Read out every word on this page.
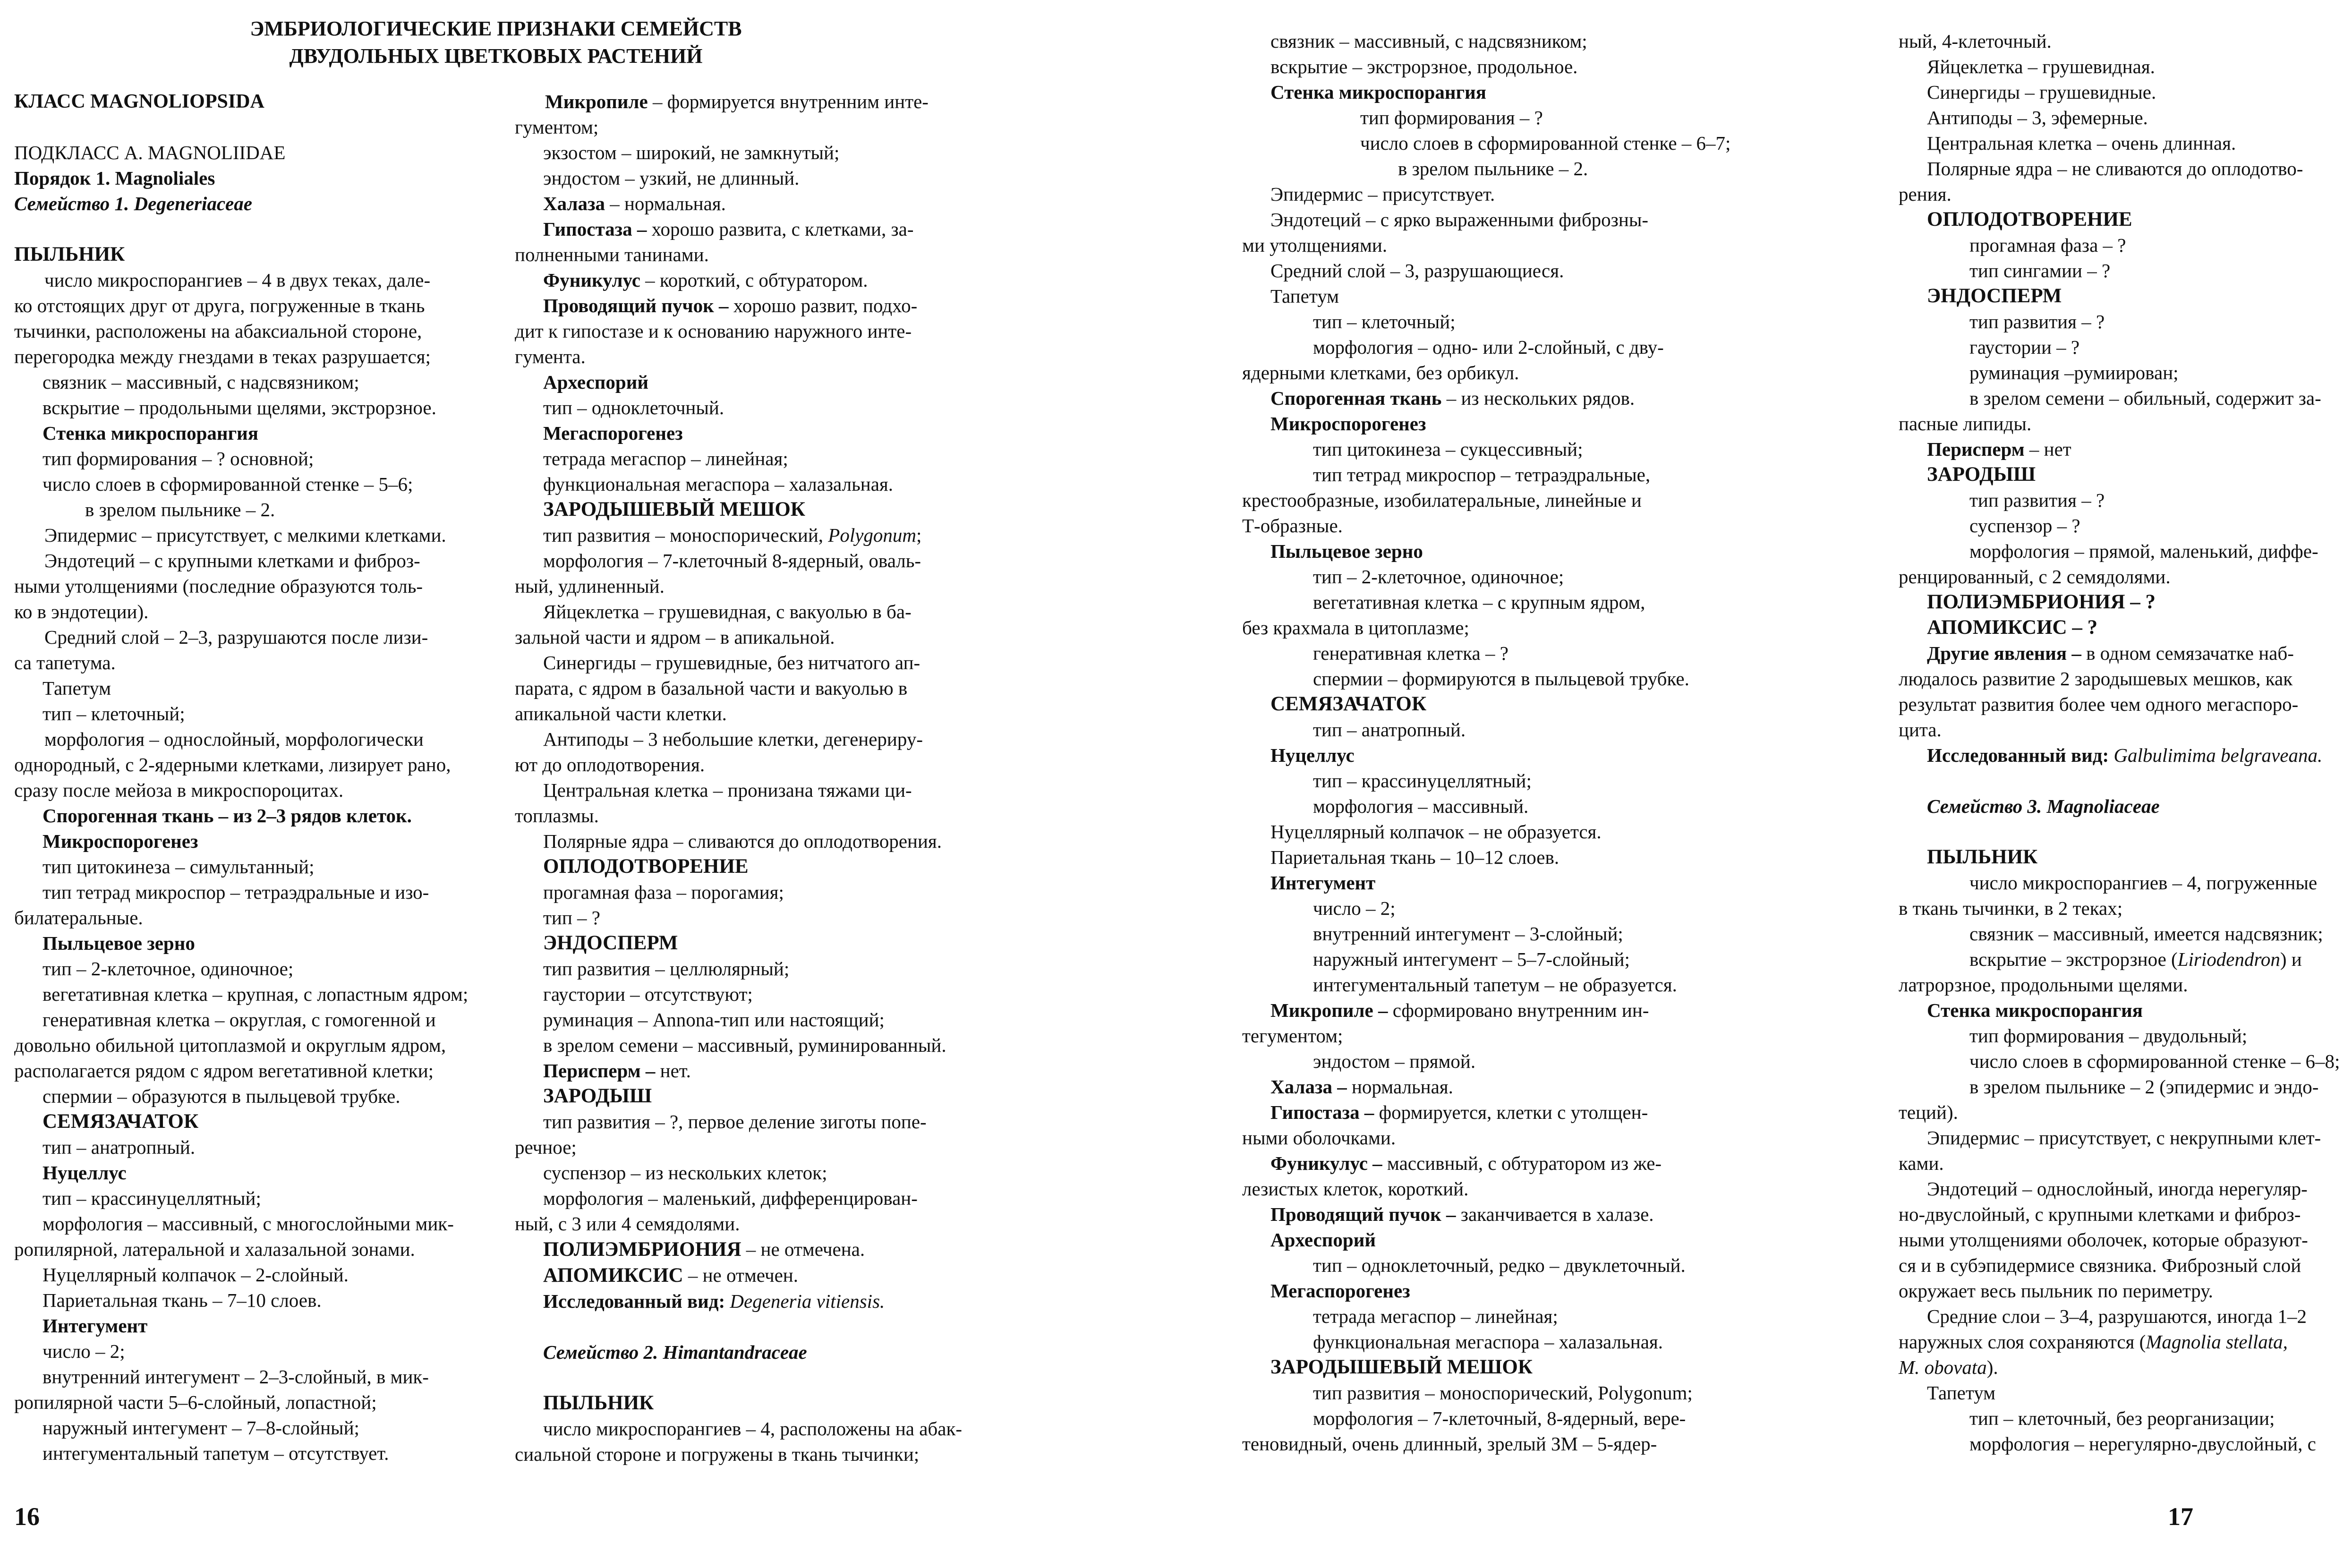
ЭМБРИОЛОГИЧЕСКИЕ ПРИЗНАКИ СЕМЕЙСТВ
ДВУДОЛЬНЫХ ЦВЕТКОВЫХ РАСТЕНИЙ

КЛАСС MAGNOLIOPSIDA

ПОДКЛАСС А. MAGNOLIIDAE

Порядок 1. Magnoliales

Семейство 1. Degeneriaceae

ПЫЛЬНИК

число микроспорангиев – 4 в двух теках, дале-

ко отстоящих друг от друга, погруженные в ткань

тычинки, расположены на абаксиальной стороне,

перегородка между гнездами в теках разрушается;

связник – массивный, с надсвязником;

вскрытие – продольными щелями, экстрорзное.

Стенка микроспорангия

тип формирования – ? основной;

число слоев в сформированной стенке – 5–6;

в зрелом пыльнике – 2.

Эпидермис – присутствует, с мелкими клетками.

Эндотеций – с крупными клетками и фиброз-

ными утолщениями (последние образуются толь-

ко в эндотеции).

Средний слой – 2–3, разрушаются после лизи-

са тапетума.

Тапетум

тип – клеточный;

морфология – однослойный, морфологически

однородный, с 2-ядерными клетками, лизирует рано,

сразу после мейоза в микроспороцитах.

Спорогенная ткань – из 2–3 рядов клеток.

Микроспорогенез

тип цитокинеза – симультанный;

тип тетрад микроспор – тетраэдральные и изо-

билатеральные.

Пыльцевое зерно

тип – 2-клеточное, одиночное;

вегетативная клетка – крупная, с лопастным ядром;

генеративная клетка – округлая, с гомогенной и

довольно обильной цитоплазмой и округлым ядром,

располагается рядом с ядром вегетативной клетки;

спермии – образуются в пыльцевой трубке.

СЕМЯЗАЧАТОК

тип – анатропный.

Нуцеллус

тип – крассинуцеллятный;

морфология – массивный, с многослойными мик-

ропилярной, латеральной и халазальной зонами.

Нуцеллярный колпачок – 2-слойный.

Париетальная ткань – 7–10 слоев.

Интегумент

число – 2;

внутренний интегумент – 2–3-слойный, в мик-

ропилярной части 5–6-слойный, лопастной;

наружный интегумент – 7–8-слойный;

интегументальный тапетум – отсутствует.

Микропиле – формируется внутренним инте-

гументом;

экзостом – широкий, не замкнутый;

эндостом – узкий, не длинный.

Халаза – нормальная.

Гипостаза – хорошо развита, с клетками, за-

полненными танинами.

Фуникулус – короткий, с обтуратором.

Проводящий пучок – хорошо развит, подхо-

дит к гипостазе и к основанию наружного инте-

гумента.

Археспорий

тип – одноклеточный.

Мегаспорогенез

тетрада мегаспор – линейная;

функциональная мегаспора – халазальная.

ЗАРОДЫШЕВЫЙ МЕШОК

тип развития – моноспорический, Polygonum;

морфология – 7-клеточный 8-ядерный, оваль-

ный, удлиненный.

Яйцеклетка – грушевидная, с вакуолью в ба-

зальной части и ядром – в апикальной.

Синергиды – грушевидные, без нитчатого ап-

парата, с ядром в базальной части и вакуолью в

апикальной части клетки.

Антиподы – 3 небольшие клетки, дегенериру-

ют до оплодотворения.

Центральная клетка – пронизана тяжами ци-

топлазмы.

Полярные ядра – сливаются до оплодотворения.

ОПЛОДОТВОРЕНИЕ

прогамная фаза – порогамия;

тип – ?

ЭНДОСПЕРМ

тип развития – целлюлярный;

гаустории – отсутствуют;

руминация – Annona-тип или настоящий;

в зрелом семени – массивный, руминированный.

Перисперм – нет.

ЗАРОДЫШ

тип развития – ?, первое деление зиготы попе-

речное;

суспензор – из нескольких клеток;

морфология – маленький, дифференцирован-

ный, с 3 или 4 семядолями.

ПОЛИЭМБРИОНИЯ – не отмечена.

АПОМИКСИС – не отмечен.

Исследованный вид: Degeneria vitiensis.

Семейство 2. Himantandraceae

ПЫЛЬНИК

число микроспорангиев – 4, расположены на абак-

сиальной стороне и погружены в ткань тычинки;

16

связник – массивный, с надсвязником;

вскрытие – экстрорзное, продольное.

Стенка микроспорангия

тип формирования – ?

число слоев в сформированной стенке – 6–7;

в зрелом пыльнике – 2.

Эпидермис – присутствует.

Эндотеций – с ярко выраженными фиброзны-

ми утолщениями.

Средний слой – 3, разрушающиеся.

Тапетум

тип – клеточный;

морфология – одно- или 2-слойный, с дву-

ядерными клетками, без орбикул.

Спорогенная ткань – из нескольких рядов.

Микроспорогенез

тип цитокинеза – сукцессивный;

тип тетрад микроспор – тетраэдральные,

крестообразные, изобилатеральные, линейные и

Т-образные.

Пыльцевое зерно

тип – 2-клеточное, одиночное;

вегетативная клетка – с крупным ядром,

без крахмала в цитоплазме;

генеративная клетка – ?

спермии – формируются в пыльцевой трубке.

СЕМЯЗАЧАТОК

тип – анатропный.

Нуцеллус

тип – крассинуцеллятный;

морфология – массивный.

Нуцеллярный колпачок – не образуется.

Париетальная ткань – 10–12 слоев.

Интегумент

число – 2;

внутренний интегумент – 3-слойный;

наружный интегумент – 5–7-слойный;

интегументальный тапетум – не образуется.

Микропиле – сформировано внутренним ин-

тегументом;

эндостом – прямой.

Халаза – нормальная.

Гипостаза – формируется, клетки с утолщен-

ными оболочками.

Фуникулус – массивный, с обтуратором из же-

лезистых клеток, короткий.

Проводящий пучок – заканчивается в халазе.

Археспорий

тип – одноклеточный, редко – двуклеточный.

Мегаспорогенез

тетрада мегаспор – линейная;

функциональная мегаспора – халазальная.

ЗАРОДЫШЕВЫЙ МЕШОК

тип развития – моноспорический, Polygonum;

морфология – 7-клеточный, 8-ядерный, вере-

теновидный, очень длинный, зрелый ЗМ – 5-ядер-

ный, 4-клеточный.

Яйцеклетка – грушевидная.

Синергиды – грушевидные.

Антиподы – 3, эфемерные.

Центральная клетка – очень длинная.

Полярные ядра – не сливаются до оплодотво-

рения.

ОПЛОДОТВОРЕНИЕ

прогамная фаза – ?

тип сингамии – ?

ЭНДОСПЕРМ

тип развития – ?

гаустории – ?

руминация –румиирован;

в зрелом семени – обильный, содержит за-

пасные липиды.

Перисперм – нет

ЗАРОДЫШ

тип развития – ?

суспензор – ?

морфология – прямой, маленький, диффе-

ренцированный, с 2 семядолями.

ПОЛИЭМБРИОНИЯ – ?

АПОМИКСИС – ?

Другие явления – в одном семязачатке наб-

людалось развитие 2 зародышевых мешков, как

результат развития более чем одного мегаспоро-

цита.

Исследованный вид: Galbulimima belgraveana.

Семейство 3. Magnoliaceae

ПЫЛЬНИК

число микроспорангиев – 4, погруженные

в ткань тычинки, в 2 теках;

связник – массивный, имеется надсвязник;

вскрытие – экстрорзное (Liriodendron) и

латрорзное, продольными щелями.

Стенка микроспорангия

тип формирования – двудольный;

число слоев в сформированной стенке – 6–8;

в зрелом пыльнике – 2 (эпидермис и эндо-

теций).

Эпидермис – присутствует, с некрупными клет-

ками.

Эндотеций – однослойный, иногда нерегуляр-

но-двуслойный, с крупными клетками и фиброз-

ными утолщениями оболочек, которые образуют-

ся и в субэпидермисе связника. Фиброзный слой

окружает весь пыльник по периметру.

Средние слои – 3–4, разрушаются, иногда 1–2

наружных слоя сохраняются (Magnolia stellata,

M. obovata).

Тапетум

тип – клеточный, без реорганизации;

морфология – нерегулярно-двуслойный, с

17
